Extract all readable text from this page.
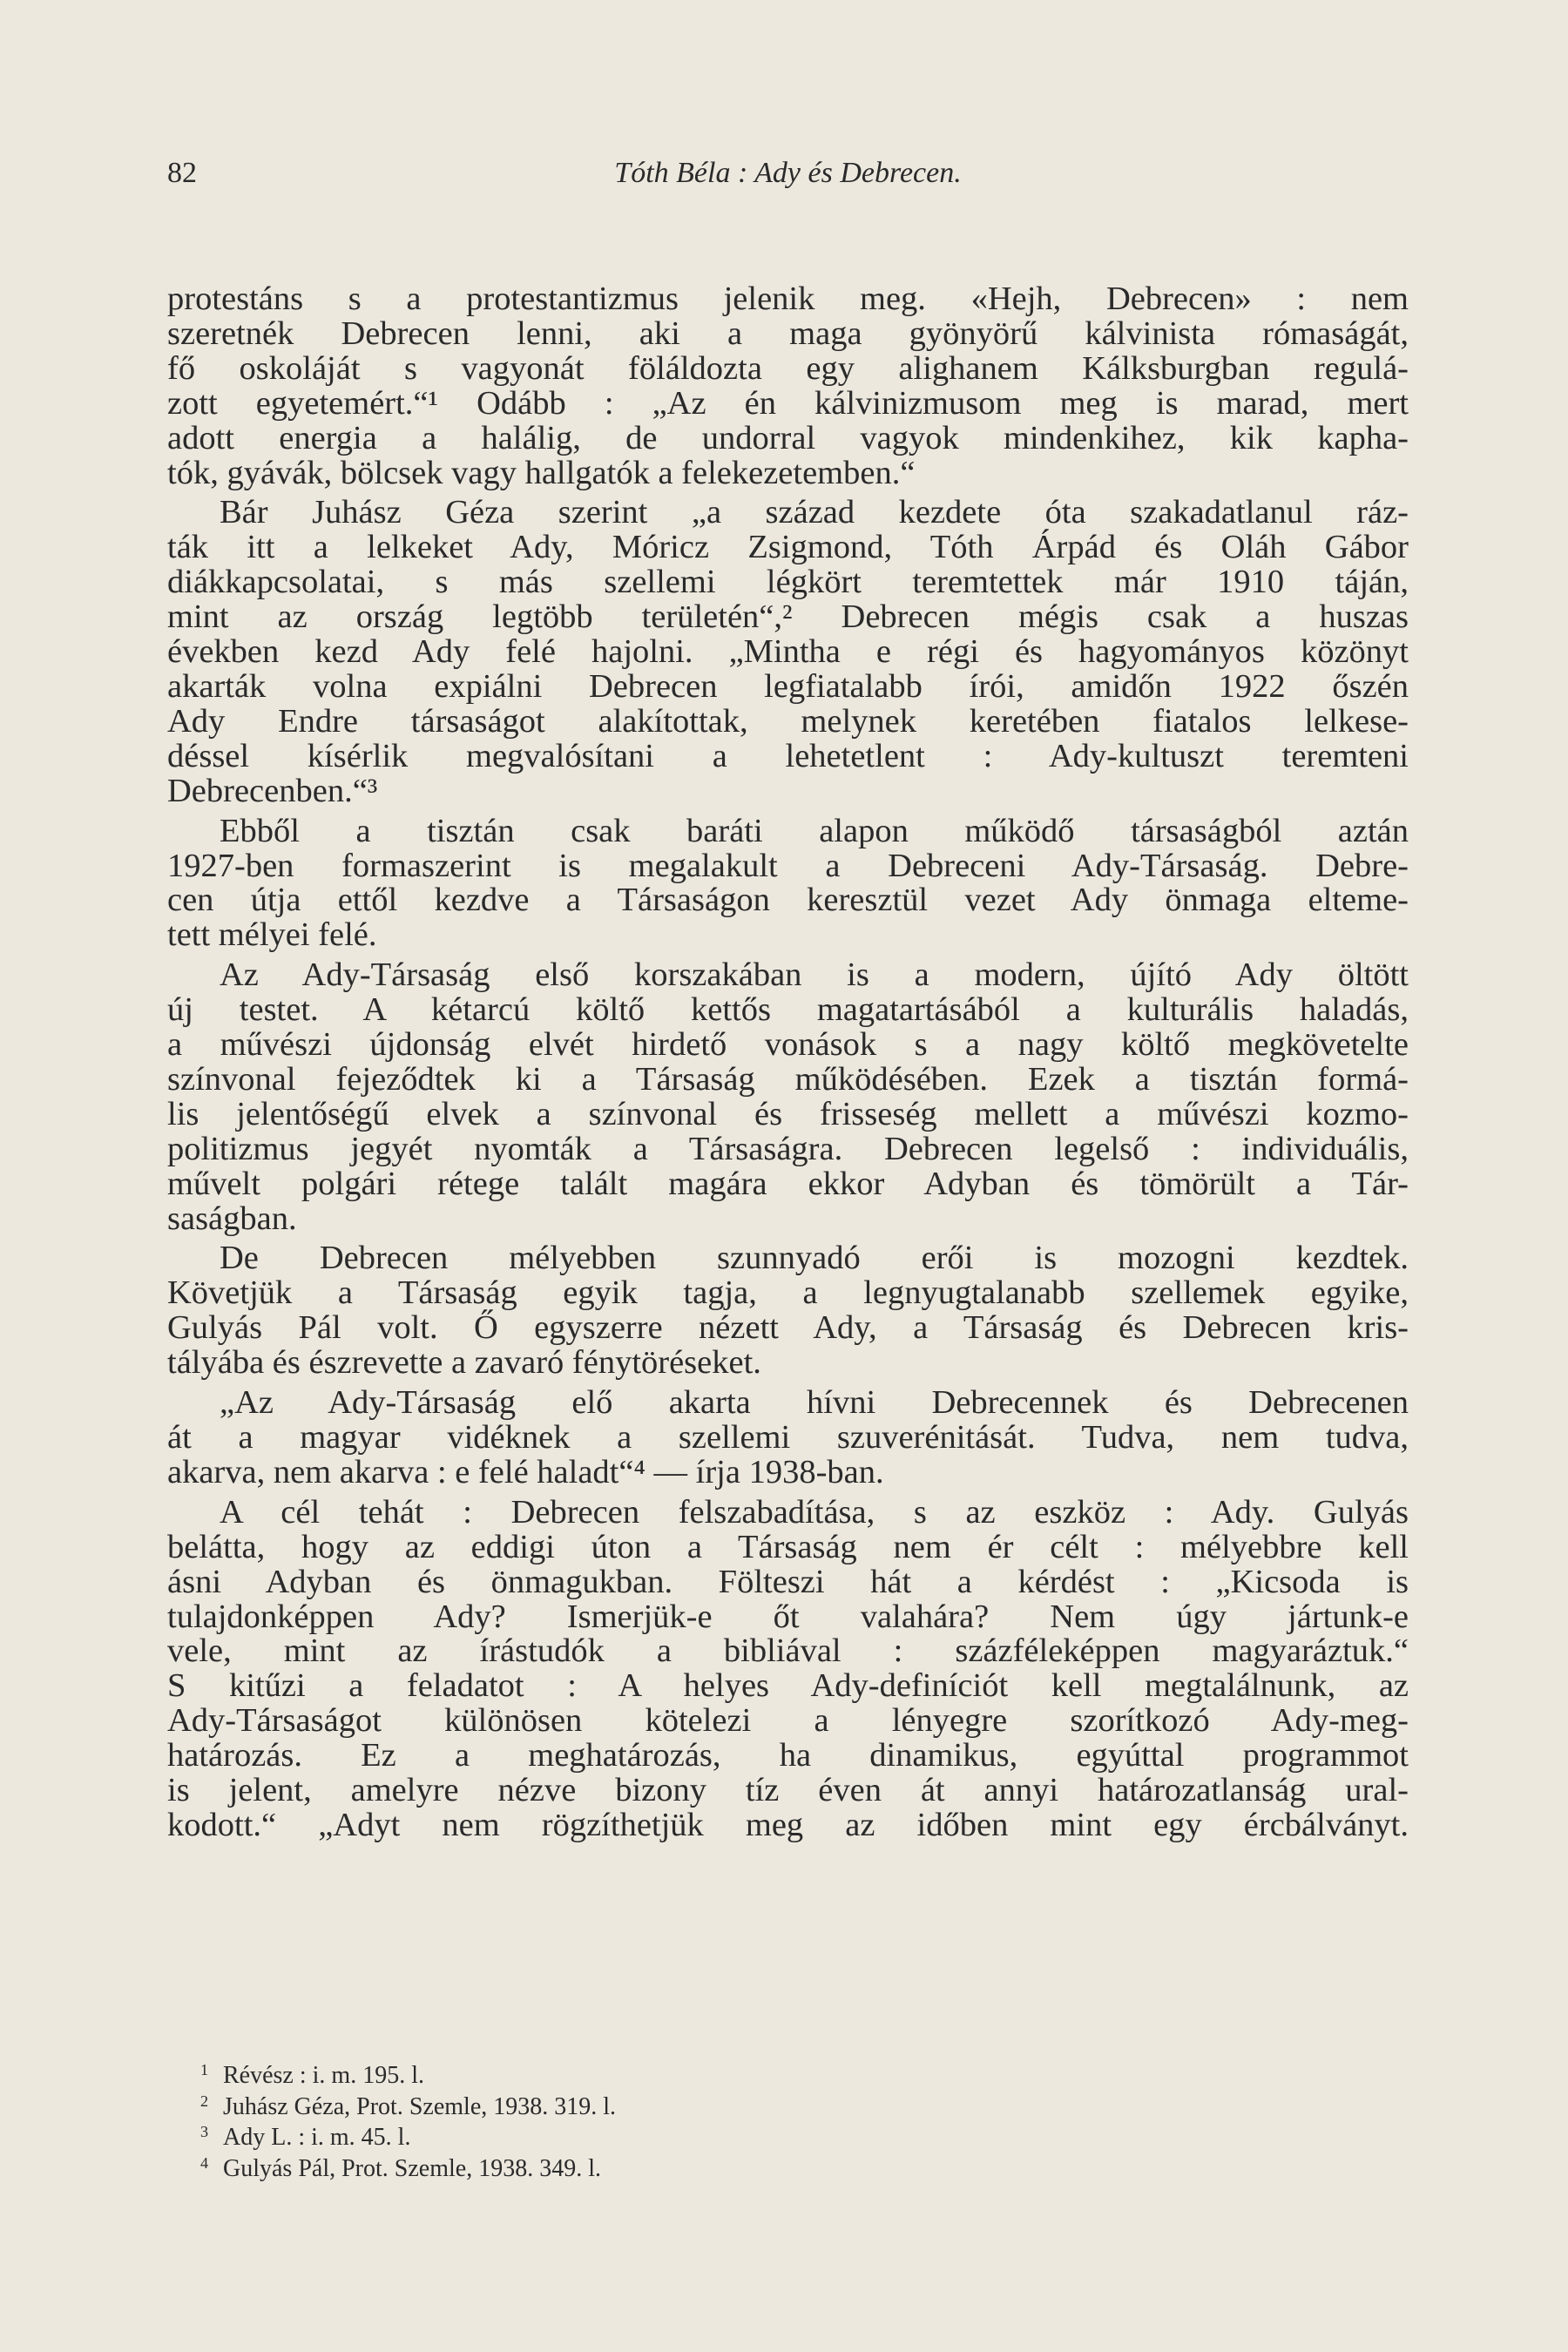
82	Tóth Béla : Ady és Debrecen.
protestáns s a protestantizmus jelenik meg. «Hejh, Debrecen» : nem
szeretnék Debrecen lenni, aki a maga gyönyörű kálvinista rómaságát,
fő oskoláját s vagyonát föláldozta egy alighanem Kálksburgban regulá-
zott egyetemért.“¹ Odább : „Az én kálvinizmusom meg is marad, mert
adott energia a halálig, de undorral vagyok mindenkihez, kik kapha-
tók, gyávák, bölcsek vagy hallgatók a felekezetemben.“
Bár Juhász Géza szerint „a század kezdete óta szakadatlanul ráz-
ták itt a lelkeket Ady, Móricz Zsigmond, Tóth Árpád és Oláh Gábor
diákkapcsolatai, s más szellemi légkört teremtettek már 1910 táján,
mint az ország legtöbb területén“,² Debrecen mégis csak a huszas
években kezd Ady felé hajolni. „Mintha e régi és hagyományos közönyt
akarták volna expiálni Debrecen legfiatalabb írói, amidőn 1922 őszén
Ady Endre társaságot alakítottak, melynek keretében fiatalos lelkese-
déssel kísérlik megvalósítani a lehetetlent : Ady-kultuszt teremteni
Debrecenben.“³
Ebből a tisztán csak baráti alapon működő társaságból aztán
1927-ben formaszerint is megalakult a Debreceni Ady-Társaság. Debre-
cen útja ettől kezdve a Társaságon keresztül vezet Ady önmaga elteme-
tett mélyei felé.
Az Ady-Társaság első korszakában is a modern, újító Ady öltött
új testet. A kétarcú költő kettős magatartásából a kulturális haladás,
a művészi újdonság elvét hirdető vonások s a nagy költő megkövetelte
színvonal fejeződtek ki a Társaság működésében. Ezek a tisztán formá-
lis jelentőségű elvek a színvonal és frisseség mellett a művészi kozmo-
politizmus jegyét nyomták a Társaságra. Debrecen legelső : individuális,
művelt polgári rétege talált magára ekkor Adyban és tömörült a Tár-
saságban.
De Debrecen mélyebben szunnyadó erői is mozogni kezdtek.
Követjük a Társaság egyik tagja, a legnyugtalanabb szellemek egyike,
Gulyás Pál volt. Ő egyszerre nézett Ady, a Társaság és Debrecen kris-
tályába és észrevette a zavaró fénytöréseket.
„Az Ady-Társaság elő akarta hívni Debrecennek és Debrecenen
át a magyar vidéknek a szellemi szuverénitását. Tudva, nem tudva,
akarva, nem akarva : e felé haladt“⁴ — írja 1938-ban.
A cél tehát : Debrecen felszabadítása, s az eszköz : Ady. Gulyás
belátta, hogy az eddigi úton a Társaság nem ér célt : mélyebbre kell
ásni Adyban és önmagukban. Fölteszi hát a kérdést : „Kicsoda is
tulajdonképpen Ady? Ismerjük-e őt valahára? Nem úgy jártunk-e
vele, mint az írástudók a bibliával : százféleképpen magyaráztuk.“
S kitűzi a feladatot : A helyes Ady-definíciót kell megtalálnunk, az
Ady-Társaságot különösen kötelezi a lényegre szorítkozó Ady-meg-
határozás. Ez a meghatározás, ha dinamikus, egyúttal programmot
is jelent, amelyre nézve bizony tíz éven át annyi határozatlanság ural-
kodott.“ „Adyt nem rögzíthetjük meg az időben mint egy ércbálványt.
1 Révész : i. m. 195. l.
2 Juhász Géza, Prot. Szemle, 1938. 319. l.
3 Ady L. : i. m. 45. l.
4 Gulyás Pál, Prot. Szemle, 1938. 349. l.
